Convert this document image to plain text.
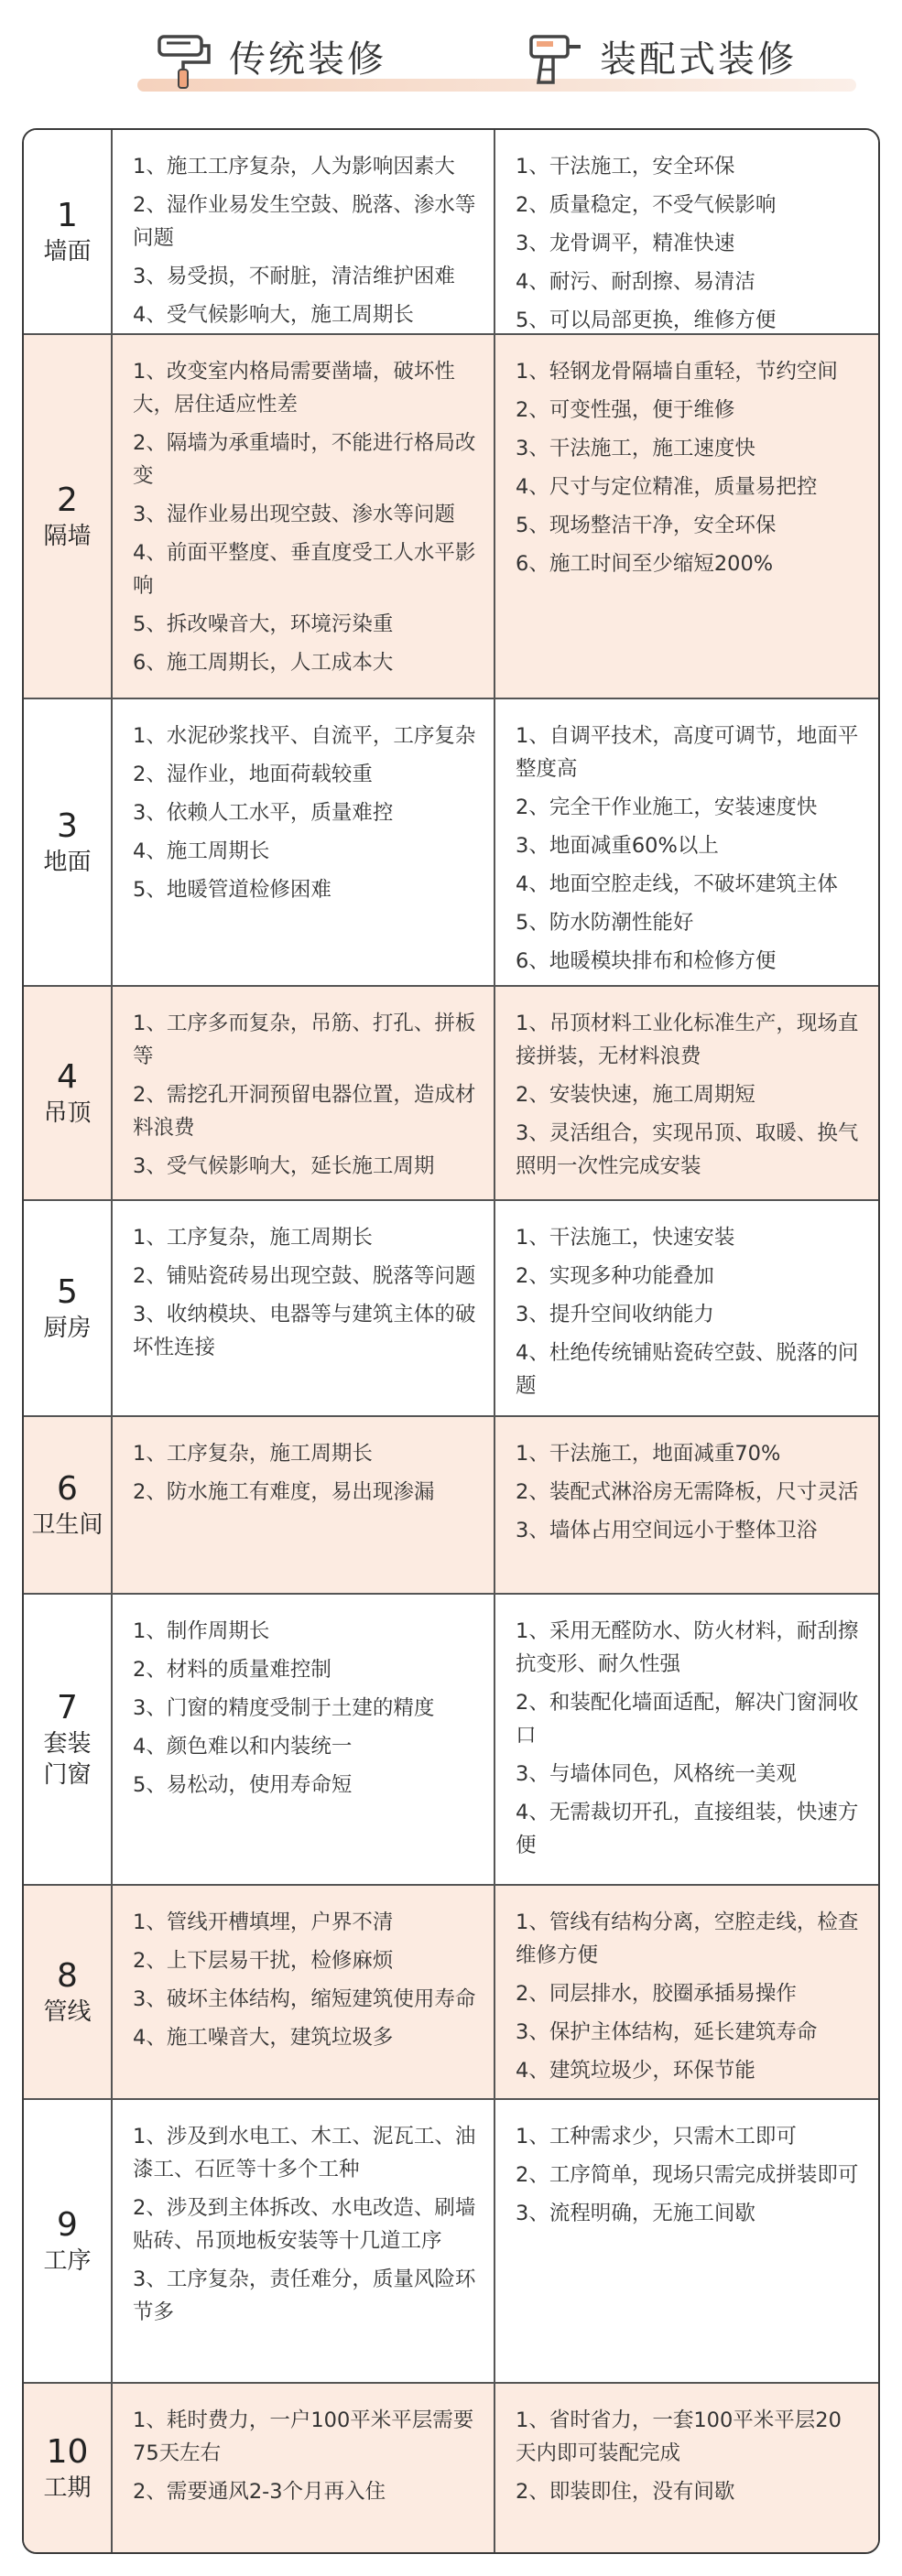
传统装修	装配式装修
1
墙面
1、施工工序复杂，人为影响因素大
2、湿作业易发生空鼓、脱落、渗水等问题
3、易受损，不耐脏，清洁维护困难
4、受气候影响大，施工周期长
1、干法施工，安全环保
2、质量稳定，不受气候影响
3、龙骨调平，精准快速
4、耐污、耐刮擦、易清洁
5、可以局部更换，维修方便
2
隔墙
1、改变室内格局需要凿墙，破坏性大，居住适应性差
2、隔墙为承重墙时，不能进行格局改变
3、湿作业易出现空鼓、渗水等问题
4、前面平整度、垂直度受工人水平影响
5、拆改噪音大，环境污染重
6、施工周期长，人工成本大
1、轻钢龙骨隔墙自重轻，节约空间
2、可变性强，便于维修
3、干法施工，施工速度快
4、尺寸与定位精准，质量易把控
5、现场整洁干净，安全环保
6、施工时间至少缩短200%
3
地面
1、水泥砂浆找平、自流平，工序复杂
2、湿作业，地面荷载较重
3、依赖人工水平，质量难控
4、施工周期长
5、地暖管道检修困难
1、自调平技术，高度可调节，地面平整度高
2、完全干作业施工，安装速度快
3、地面减重60%以上
4、地面空腔走线，不破坏建筑主体
5、防水防潮性能好
6、地暖模块排布和检修方便
4
吊顶
1、工序多而复杂，吊筋、打孔、拼板等
2、需挖孔开洞预留电器位置，造成材料浪费
3、受气候影响大，延长施工周期
1、吊顶材料工业化标准生产，现场直接拼装，无材料浪费
2、安装快速，施工周期短
3、灵活组合，实现吊顶、取暖、换气照明一次性完成安装
5
厨房
1、工序复杂，施工周期长
2、铺贴瓷砖易出现空鼓、脱落等问题
3、收纳模块、电器等与建筑主体的破坏性连接
1、干法施工，快速安装
2、实现多种功能叠加
3、提升空间收纳能力
4、杜绝传统铺贴瓷砖空鼓、脱落的问题
6
卫生间
1、工序复杂，施工周期长
2、防水施工有难度，易出现渗漏
1、干法施工，地面减重70%
2、装配式淋浴房无需降板，尺寸灵活
3、墙体占用空间远小于整体卫浴
7
套装门窗
1、制作周期长
2、材料的质量难控制
3、门窗的精度受制于土建的精度
4、颜色难以和内装统一
5、易松动，使用寿命短
1、采用无醛防水、防火材料，耐刮擦抗变形、耐久性强
2、和装配化墙面适配，解决门窗洞收口
3、与墙体同色，风格统一美观
4、无需裁切开孔，直接组装，快速方便
8
管线
1、管线开槽填埋，户界不清
2、上下层易干扰，检修麻烦
3、破坏主体结构，缩短建筑使用寿命
4、施工噪音大，建筑垃圾多
1、管线有结构分离，空腔走线，检查维修方便
2、同层排水，胶圈承插易操作
3、保护主体结构，延长建筑寿命
4、建筑垃圾少，环保节能
9
工序
1、涉及到水电工、木工、泥瓦工、油漆工、石匠等十多个工种
2、涉及到主体拆改、水电改造、刷墙贴砖、吊顶地板安装等十几道工序
3、工序复杂，责任难分，质量风险环节多
1、工种需求少，只需木工即可
2、工序简单，现场只需完成拼装即可
3、流程明确，无施工间歇
10
工期
1、耗时费力，一户100平米平层需要75天左右
2、需要通风2-3个月再入住
1、省时省力，一套100平米平层20天内即可装配完成
2、即装即住，没有间歇
